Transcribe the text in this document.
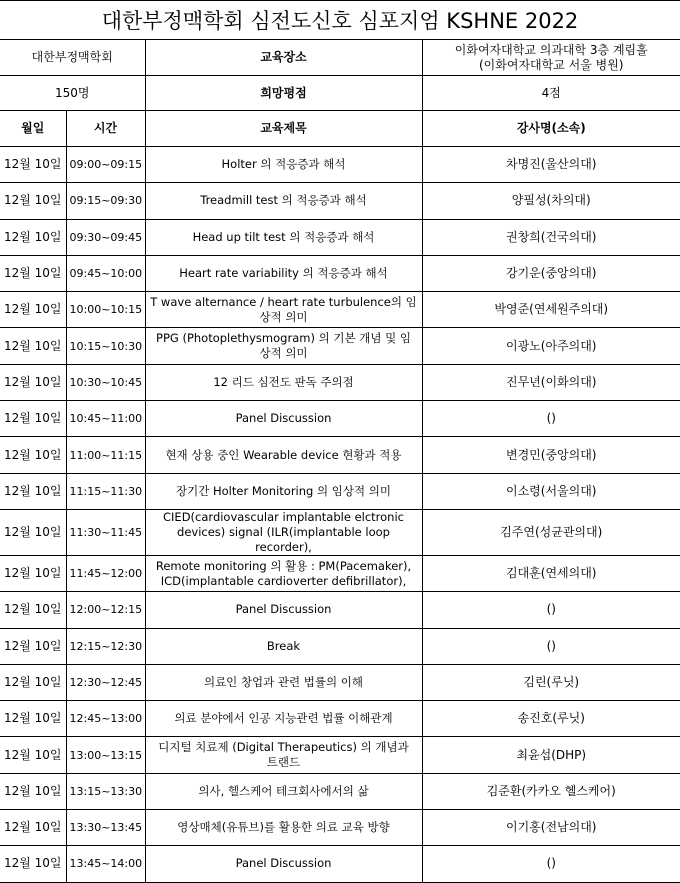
대한부정맥학회 심전도신호 심포지엄 KSHNE 2022
대한부정맥학회		교육장소	이화여자대학교 의과대학 3층 계림홀
(이화여자대학교 서울 병원)

150명		희망평점	4점
월일	시간	교육제목	강사명(소속)
12월 10일	09:00~09:15	Holter 의 적응증과 해석	차명진(울산의대)
12월 10일	09:15~09:30	Treadmill test 의 적응증과 해석	양필성(차의대)
12월 10일	09:30~09:45	Head up tilt test 의 적응증과 해석	권창희(건국의대)
12월 10일	09:45~10:00	Heart rate variability 의 적응증과 해석	강기운(중앙의대)
12월 10일	10:00~10:15	T wave alternance / heart rate turbulence의 임
상적 의미	박영준(연세원주의대)
12월 10일	10:15~10:30	PPG (Photoplethysmogram) 의 기본 개념 및 임
상적 의미	이광노(아주의대)
12월 10일	10:30~10:45	12 리드 심전도 판독 주의점	진무년(이화의대)
12월 10일	10:45~11:00	Panel Discussion	()
12월 10일	11:00~11:15	현재 상용 중인 Wearable device 현황과 적용	변경민(중앙의대)
12월 10일	11:15~11:30	장기간 Holter Monitoring 의 임상적 의미	이소령(서울의대)
12월 10일	11:30~11:45	CIED(cardiovascular implantable elctronic
devices) signal (ILR(implantable loop recorder),	김주연(성균관의대)
12월 10일	11:45~12:00	Remote monitoring 의 활용 : PM(Pacemaker),
ICD(implantable cardioverter defibrillator),	김대훈(연세의대)
12월 10일	12:00~12:15	Panel Discussion	()
12월 10일	12:15~12:30	Break	()
12월 10일	12:30~12:45	의료인 창업과 관련 법률의 이해	김린(루닛)
12월 10일	12:45~13:00	의료 분야에서 인공 지능관련 법률 이해관계	송진호(루닛)
12월 10일	13:00~13:15	디지털 치료제 (Digital Therapeutics) 의 개념과
트랜드	최윤섭(DHP)
12월 10일	13:15~13:30	의사, 헬스케어 테크회사에서의 삶	김준환(카카오 헬스케어)
12월 10일	13:30~13:45	영상매체(유튜브)를 활용한 의료 교육 방향	이기홍(전남의대)
12월 10일	13:45~14:00	Panel Discussion	()
